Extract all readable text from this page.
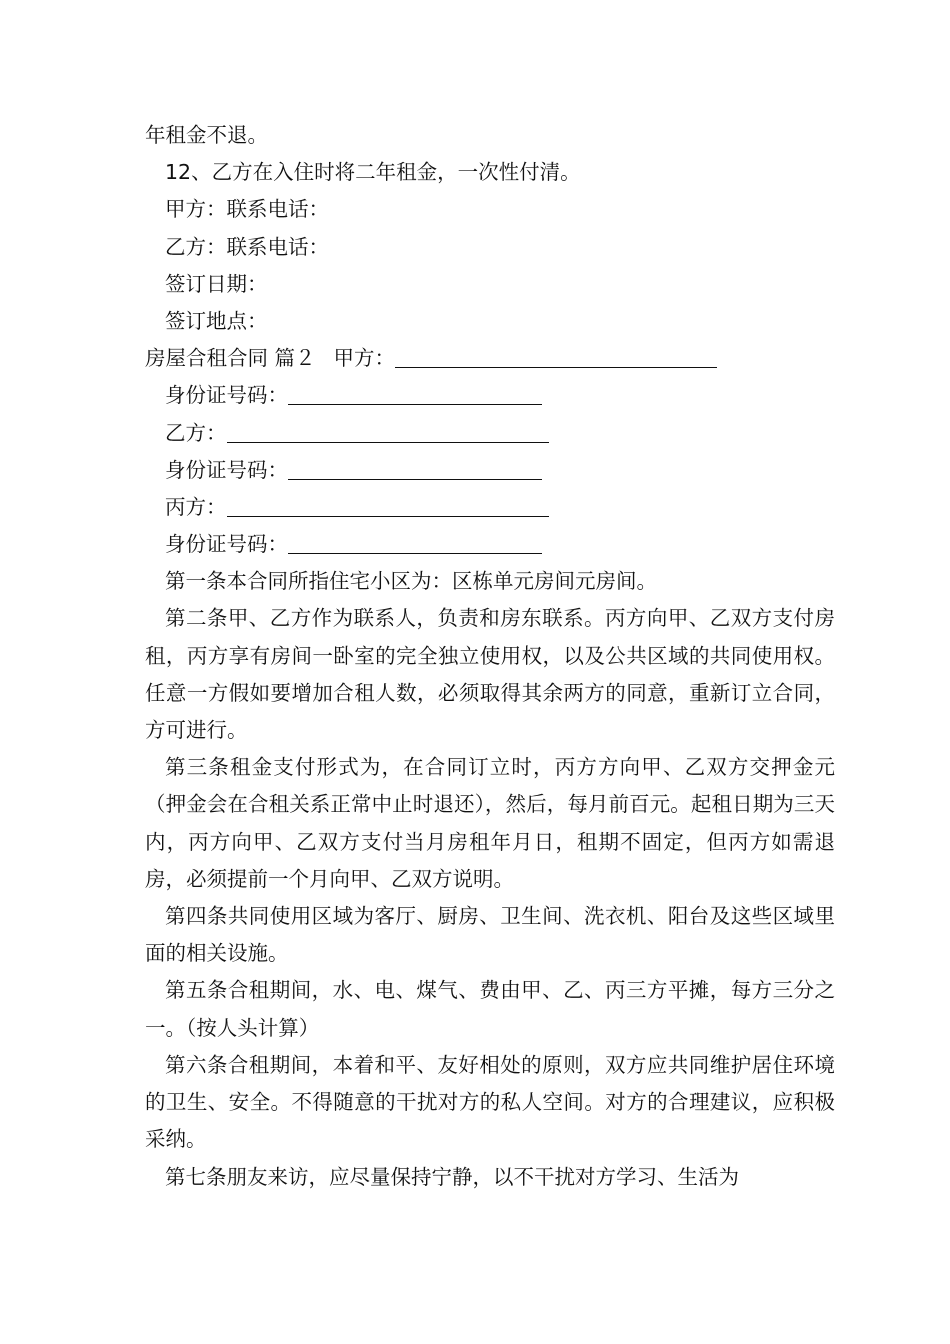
年租金不退。
12、乙方在入住时将二年租金，一次性付清。
甲方：联系电话：
乙方：联系电话：
签订日期：
签订地点：
房屋合租合同 篇２ 甲方：
身份证号码：
乙方：
身份证号码：
丙方：
身份证号码：
第一条本合同所指住宅小区为：区栋单元房间元房间。
第二条甲、乙方作为联系人，负责和房东联系。丙方向甲、乙双方支付房租，丙方享有房间一卧室的完全独立使用权，以及公共区域的共同使用权。任意一方假如要增加合租人数，必须取得其余两方的同意，重新订立合同，方可进行。
第三条租金支付形式为，在合同订立时，丙方方向甲、乙双方交押金元（押金会在合租关系正常中止时退还），然后，每月前百元。起租日期为三天内，丙方向甲、乙双方支付当月房租年月日，租期不固定，但丙方如需退房，必须提前一个月向甲、乙双方说明。
第四条共同使用区域为客厅、厨房、卫生间、洗衣机、阳台及这些区域里面的相关设施。
第五条合租期间，水、电、煤气、费由甲、乙、丙三方平摊，每方三分之一。（按人头计算）
第六条合租期间，本着和平、友好相处的原则，双方应共同维护居住环境的卫生、安全。不得随意的干扰对方的私人空间。对方的合理建议，应积极采纳。
第七条朋友来访，应尽量保持宁静，以不干扰对方学习、生活为
